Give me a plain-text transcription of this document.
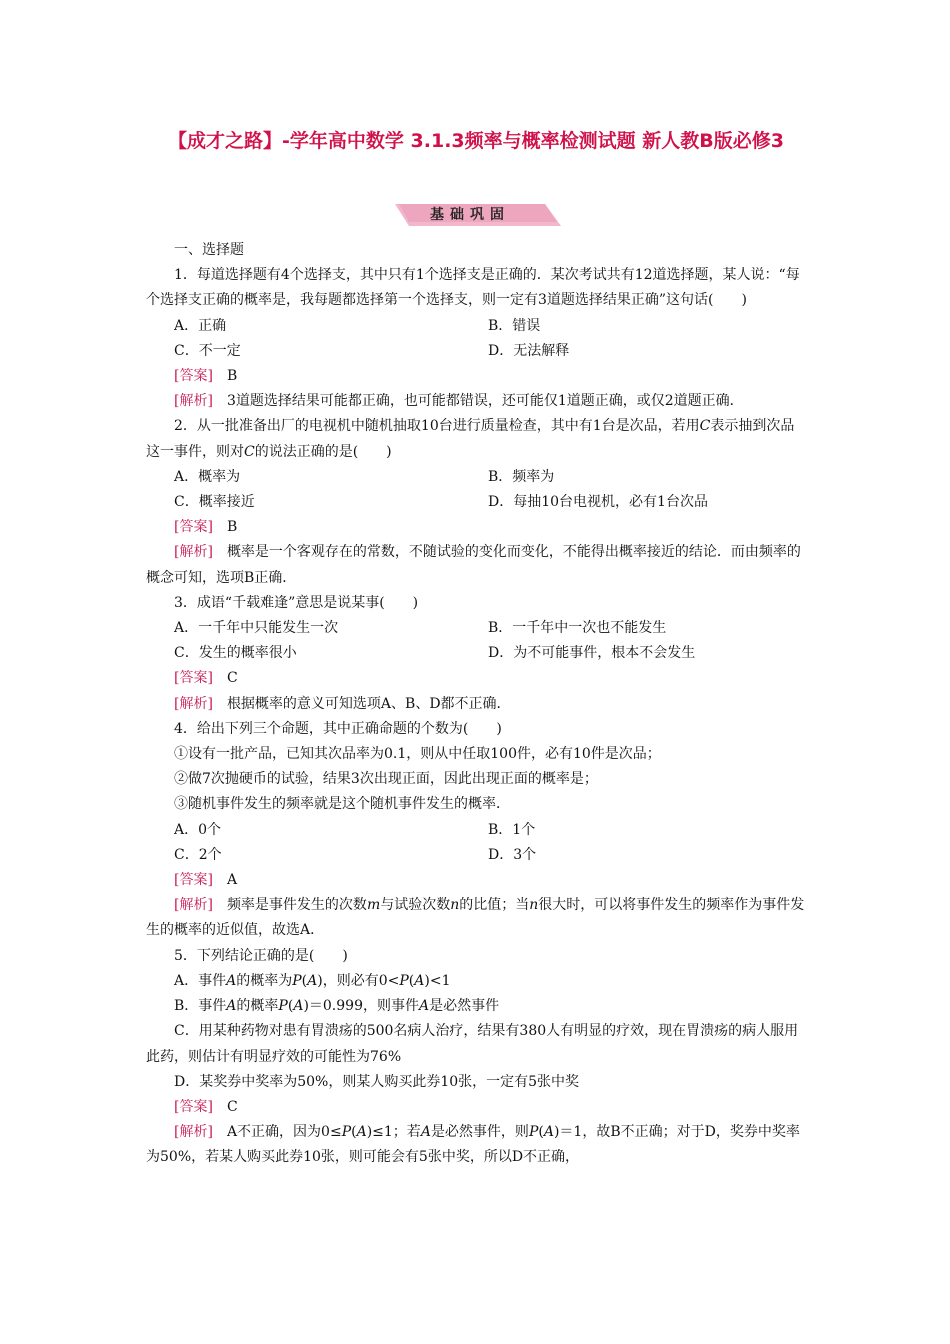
【成才之路】-学年高中数学 3.1.3频率与概率检测试题 新人教B版必修3
基础巩固

一、选择题

1．每道选择题有4个选择支，其中只有1个选择支是正确的．某次考试共有12道选择题，某人说：“每个选择支正确的概率是，我每题都选择第一个选择支，则一定有3道题选择结果正确”这句话(　　)

A．正确	B．错误
C．不一定	D．无法解释

[答案]　 B

[解析]　 3道题选择结果可能都正确，也可能都错误，还可能仅1道题正确，或仅2道题正确．

2．从一批准备出厂的电视机中随机抽取10台进行质量检查，其中有1台是次品，若用C表示抽到次品这一事件，则对C的说法正确的是(　　)

A．概率为	B．频率为
C．概率接近	D．每抽10台电视机，必有1台次品

[答案]　 B

[解析]　 概率是一个客观存在的常数，不随试验的变化而变化，不能得出概率接近的结论．而由频率的概念可知，选项B正确．

3．成语“千载难逢”意思是说某事(　　)

A．一千年中只能发生一次	B．一千年中一次也不能发生
C．发生的概率很小	D．为不可能事件，根本不会发生

[答案]　 C

[解析]　 根据概率的意义可知选项A、B、D都不正确．

4．给出下列三个命题，其中正确命题的个数为(　　)

①设有一批产品，已知其次品率为0.1，则从中任取100件，必有10件是次品；

②做7次抛硬币的试验，结果3次出现正面，因此出现正面的概率是；

③随机事件发生的频率就是这个随机事件发生的概率．

A．0个	B．1个
C．2个	D．3个

[答案]　 A

[解析]　 频率是事件发生的次数m与试验次数n的比值；当n很大时，可以将事件发生的频率作为事件发生的概率的近似值，故选A．

5．下列结论正确的是(　　)

A．事件A的概率为P(A)，则必有0<P(A)<1

B．事件A的概率P(A)＝0.999，则事件A是必然事件

C．用某种药物对患有胃溃疡的500名病人治疗，结果有380人有明显的疗效，现在胃溃疡的病人服用此药，则估计有明显疗效的可能性为76%

D．某奖券中奖率为50%，则某人购买此券10张，一定有5张中奖

[答案]　 C

[解析]　 A不正确，因为0≤P(A)≤1；若A是必然事件，则P(A)＝1，故B不正确；对于D，奖券中奖率为50%，若某人购买此券10张，则可能会有5张中奖，所以D不正确，
